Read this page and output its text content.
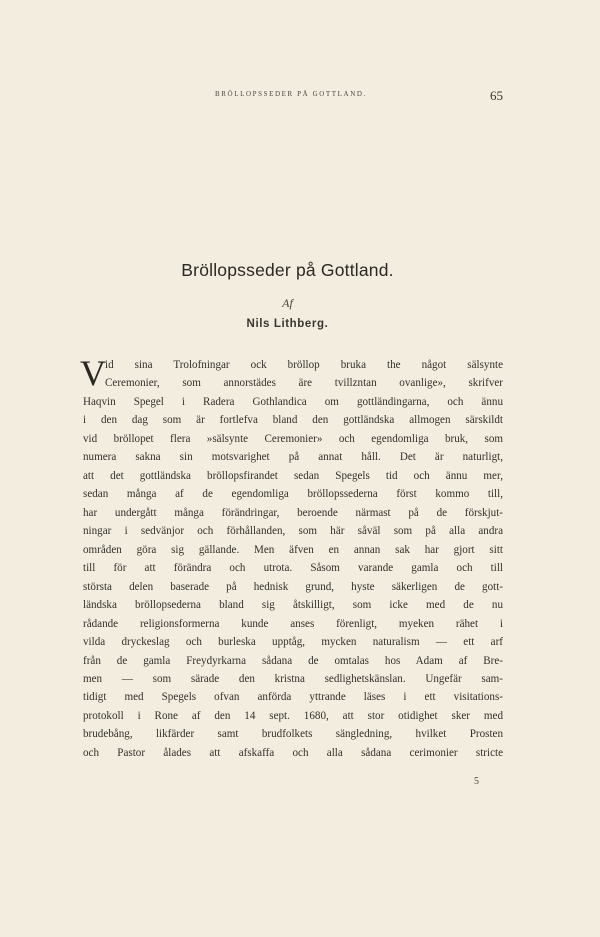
BRÖLLOPSSEDER PÅ GOTTLAND.	65
Bröllopsseder på Gottland.
Af
Nils Lithberg.
V id sina Trolofningar ock bröllop bruka the något sälsynte
Ceremonier, som annorstädes äre tvillzntan ovanlige», skrifver
Haqvin Spegel i Radera Gothlandica om gottländingarna, och ännu
i den dag som är fortlefva bland den gottländska allmogen särskildt
vid bröllopet flera »sälsynte Ceremonier» och egendomliga bruk, som
numera sakna sin motsvarighet på annat håll. Det är naturligt,
att det gottländska bröllopsfirandet sedan Spegels tid och ännu mer,
sedan många af de egendomliga bröllopssederna först kommo till,
har undergått många förändringar, beroende närmast på de förskjut-
ningar i sedvänjor och förhållanden, som här såväl som på alla andra
områden göra sig gällande. Men äfven en annan sak har gjort sitt
till för att förändra och utrota. Såsom varande gamla och till
största delen baserade på hednisk grund, hyste säkerligen de gott-
ländska bröllopsederna bland sig åtskilligt, som icke med de nu
rådande religionsformerna kunde anses förenligt, myeken rähet i
vilda dryckeslag och burleska upptåg, mycken naturalism — ett arf
från de gamla Freydyrkarna sådana de omtalas hos Adam af Bre-
men — som särade den kristna sedlighetskänslan. Ungefär sam-
tidigt med Spegels ofvan anförda yttrande läses i ett visitations-
protokoll i Rone af den 14 sept. 1680, att stor otidighet sker med
brudebång, likfärder samt brudfolkets sängledning, hvilket Prosten
och Pastor ålades att afskaffa och alla sådana cerimonier stricte
5
